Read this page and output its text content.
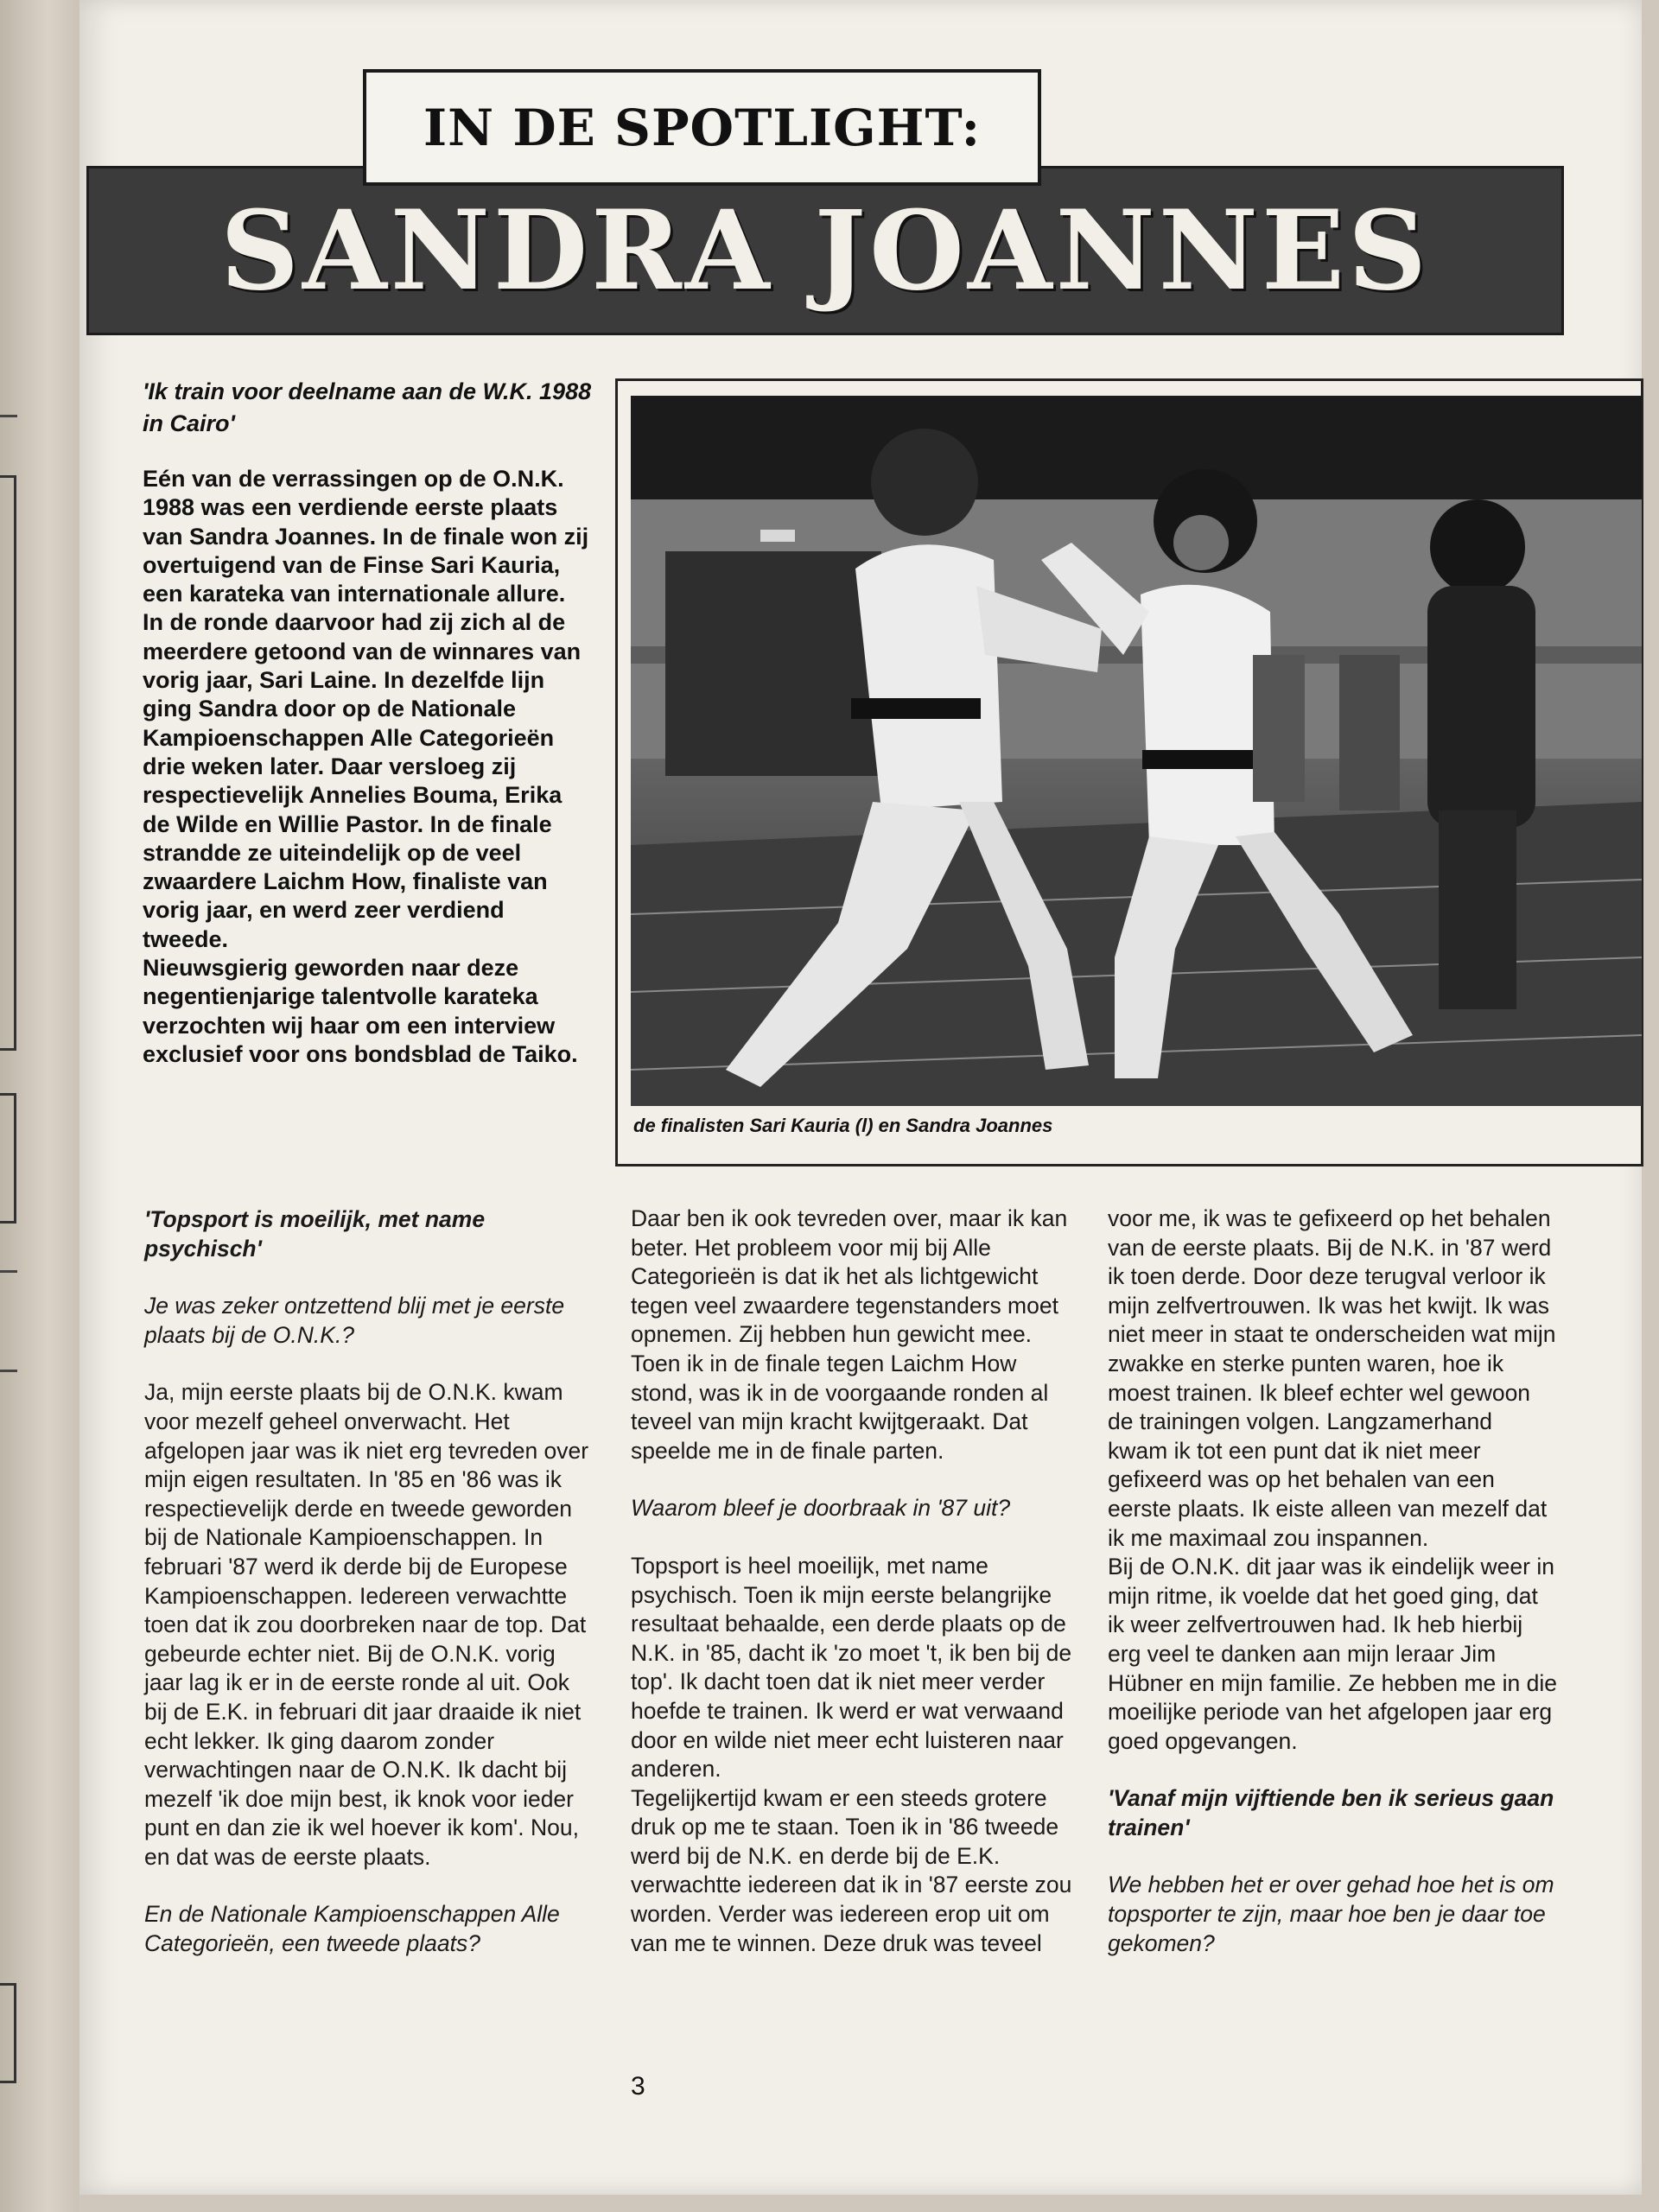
IN DE SPOTLIGHT:
SANDRA JOANNES

'Ik train voor deelname aan de W.K. 1988 in Cairo'

Eén van de verrassingen op de O.N.K. 1988 was een verdiende eerste plaats van Sandra Joannes. In de finale won zij overtuigend van de Finse Sari Kauria, een karateka van internationale allure. In de ronde daarvoor had zij zich al de meerdere getoond van de winnares van vorig jaar, Sari Laine. In dezelfde lijn ging Sandra door op de Nationale Kampioenschappen Alle Categorieën drie weken later. Daar versloeg zij respectievelijk Annelies Bouma, Erika de Wilde en Willie Pastor. In de finale strandde ze uiteindelijk op de veel zwaardere Laichm How, finaliste van vorig jaar, en werd zeer verdiend tweede.

Nieuwsgierig geworden naar deze negentienjarige talentvolle karateka verzochten wij haar om een interview exclusief voor ons bondsblad de Taiko.

de finalisten Sari Kauria (l) en Sandra Joannes

'Topsport is moeilijk, met name psychisch'

Je was zeker ontzettend blij met je eerste plaats bij de O.N.K.?

Ja, mijn eerste plaats bij de O.N.K. kwam voor mezelf geheel onverwacht. Het afgelopen jaar was ik niet erg tevreden over mijn eigen resultaten. In '85 en '86 was ik respectievelijk derde en tweede geworden bij de Nationale Kampioenschappen. In februari '87 werd ik derde bij de Europese Kampioenschappen. Iedereen verwachtte toen dat ik zou doorbreken naar de top. Dat gebeurde echter niet. Bij de O.N.K. vorig jaar lag ik er in de eerste ronde al uit. Ook bij de E.K. in februari dit jaar draaide ik niet echt lekker. Ik ging daarom zonder verwachtingen naar de O.N.K. Ik dacht bij mezelf 'ik doe mijn best, ik knok voor ieder punt en dan zie ik wel hoever ik kom'. Nou, en dat was de eerste plaats.

En de Nationale Kampioenschappen Alle Categorieën, een tweede plaats?

Daar ben ik ook tevreden over, maar ik kan beter. Het probleem voor mij bij Alle Categorieën is dat ik het als lichtgewicht tegen veel zwaardere tegenstanders moet opnemen. Zij hebben hun gewicht mee. Toen ik in de finale tegen Laichm How stond, was ik in de voorgaande ronden al teveel van mijn kracht kwijtgeraakt. Dat speelde me in de finale parten.

Waarom bleef je doorbraak in '87 uit?

Topsport is heel moeilijk, met name psychisch. Toen ik mijn eerste belangrijke resultaat behaalde, een derde plaats op de N.K. in '85, dacht ik 'zo moet 't, ik ben bij de top'. Ik dacht toen dat ik niet meer verder hoefde te trainen. Ik werd er wat verwaand door en wilde niet meer echt luisteren naar anderen.

Tegelijkertijd kwam er een steeds grotere druk op me te staan. Toen ik in '86 tweede werd bij de N.K. en derde bij de E.K. verwachtte iedereen dat ik in '87 eerste zou worden. Verder was iedereen erop uit om van me te winnen. Deze druk was teveel

voor me, ik was te gefixeerd op het behalen van de eerste plaats. Bij de N.K. in '87 werd ik toen derde. Door deze terugval verloor ik mijn zelfvertrouwen. Ik was het kwijt. Ik was niet meer in staat te onderscheiden wat mijn zwakke en sterke punten waren, hoe ik moest trainen. Ik bleef echter wel gewoon de trainingen volgen. Langzamerhand kwam ik tot een punt dat ik niet meer gefixeerd was op het behalen van een eerste plaats. Ik eiste alleen van mezelf dat ik me maximaal zou inspannen.

Bij de O.N.K. dit jaar was ik eindelijk weer in mijn ritme, ik voelde dat het goed ging, dat ik weer zelfvertrouwen had. Ik heb hierbij erg veel te danken aan mijn leraar Jim Hübner en mijn familie. Ze hebben me in die moeilijke periode van het afgelopen jaar erg goed opgevangen.

'Vanaf mijn vijftiende ben ik serieus gaan trainen'

We hebben het er over gehad hoe het is om topsporter te zijn, maar hoe ben je daar toe gekomen?

3
